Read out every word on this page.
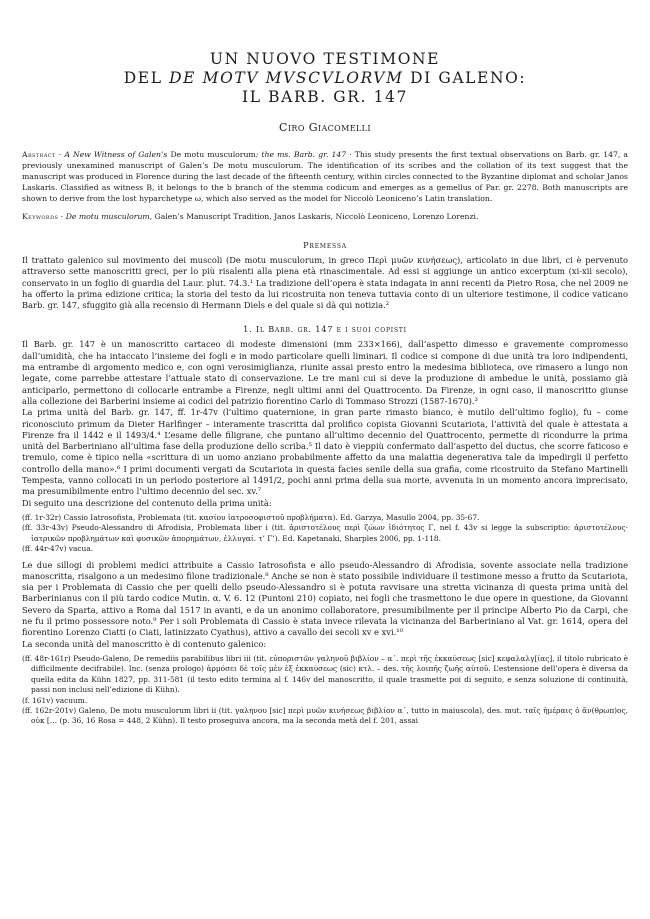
UN NUOVO TESTIMONE
DEL DE MOTV MVSCVLORVM DI GALENO:
IL BARB. GR. 147
Ciro Giacomelli
Abstract · A New Witness of Galen’s De motu musculorum: the ms. Barb. gr. 147 · This study presents the first textual observations on Barb. gr. 147, a previously unexamined manuscript of Galen’s De motu musculorum. The identification of its scribes and the collation of its text suggest that the manuscript was produced in Florence during the last decade of the fifteenth century, within circles connected to the Byzantine diplomat and scholar Janos Laskaris. Classified as witness B, it belongs to the b branch of the stemma codicum and emerges as a gemellus of Par. gr. 2278. Both manuscripts are shown to derive from the lost hyparchetype ω, which also served as the model for Niccolò Leoniceno’s Latin translation.
Keywords · De motu musculorum, Galen’s Manuscript Tradition, Janos Laskaris, Niccolò Leoniceno, Lorenzo Lorenzi.
Premessa

Il trattato galenico sul movimento dei muscoli (De motu musculorum, in greco Περὶ μυῶν κινήσεως), articolato in due libri, ci è pervenuto attraverso sette manoscritti greci, per lo più risalenti alla piena età rinascimentale. Ad essi si aggiunge un antico excerptum (xi-xii secolo), conservato in un foglio di guardia del Laur. plut. 74.3.¹ La tradizione dell’opera è stata indagata in anni recenti da Pietro Rosa, che nel 2009 ne ha offerto la prima edizione critica; la storia del testo da lui ricostruita non teneva tuttavia conto di un ulteriore testimone, il codice vaticano Barb. gr. 147, sfuggito già alla recensio di Hermann Diels e del quale si dà qui notizia.²

1. Il Barb. gr. 147 e i suoi copisti

Il Barb. gr. 147 è un manoscritto cartaceo di modeste dimensioni (mm 233×166), dall’aspetto dimesso e gravemente compromesso dall’umidità, che ha intaccato l’insieme dei fogli e in modo particolare quelli liminari. Il codice si compone di due unità tra loro indipendenti, ma entrambe di argomento medico e, con ogni verosimiglianza, riunite assai presto entro la medesima biblioteca, ove rimasero a lungo non legate, come parrebbe attestare l’attuale stato di conservazione. Le tre mani cui si deve la produzione di ambedue le unità, possiamo già anticiparlo, permettono di collocarle entrambe a Firenze, negli ultimi anni del Quattrocento. Da Firenze, in ogni caso, il manoscritto giunse alla collezione dei Barberini insieme ai codici del patrizio fiorentino Carlo di Tommaso Strozzi (1587-1670).³

La prima unità del Barb. gr. 147, ff. 1r-47v (l’ultimo quaternione, in gran parte rimasto bianco, è mutilo dell’ultimo foglio), fu – come riconosciuto primum da Dieter Harlfinger – interamente trascritta dal prolifico copista Giovanni Scutariota, l’attività del quale è attestata a Firenze fra il 1442 e il 1493/4.⁴ L’esame delle filigrane, che puntano all’ultimo decennio del Quattrocento, permette di ricondurre la prima unità del Barberiniano all’ultima fase della produzione dello scriba.⁵ Il dato è vieppiù confermato dall’aspetto del ductus, che scorre faticoso e tremulo, come è tipico nella «scrittura di un uomo anziano probabilmente affetto da una malattia degenerativa tale da impedirgli il perfetto controllo della mano».⁶ I primi documenti vergati da Scutariota in questa facies senile della sua grafia, come ricostruito da Stefano Martinelli Tempesta, vanno collocati in un periodo posteriore al 1491/2, pochi anni prima della sua morte, avvenuta in un momento ancora imprecisato, ma presumibilmente entro l’ultimo decennio del sec. xv.⁷

Di seguito una descrizione del contenuto della prima unità:

(ff. 1r-32r) Cassio Iatrosofista, Problemata (tit. κασίου ἰατροσοφιστοῦ προβλήματα). Ed. Garzya, Masullo 2004, pp. 35-67.
(ff. 33r-43v) Pseudo-Alessandro di Afrodisia, Problemata liber i (tit. ἀριστοτέλους περὶ ζώων ἰδιότητος Γ, nel f. 43v si legge la subscriptio: ἀριστοτέλους· ἰατρικῶν προβλημάτων καὶ φυσικῶν ἀπορημάτων, ἐλλυγαί. τ’ Γ’). Ed. Kapetanaki, Sharples 2006, pp. 1-118.
(ff. 44r-47v) vacua.

Le due sillogi di problemi medici attribuite a Cassio Iatrosofista e allo pseudo-Alessandro di Afrodisia, sovente associate nella tradizione manoscritta, risalgono a un medesimo filone tradizionale.⁸ Anche se non è stato possibile individuare il testimone messo a frutto da Scutariota, sia per i Problemata di Cassio che per quelli dello pseudo-Alessandro si è potuta ravvisare una stretta vicinanza di questa prima unità del Barberinianus con il più tardo codice Mutin. α. V. 6. 12 (Puntoni 210) copiato, nei fogli che trasmettono le due opere in questione, da Giovanni Severo da Sparta, attivo a Roma dal 1517 in avanti, e da un anonimo collaboratore, presumibilmente per il principe Alberto Pio da Carpi, che ne fu il primo possessore noto.⁹ Per i soli Problemata di Cassio è stata invece rilevata la vicinanza del Barberiniano al Vat. gr. 1614, opera del fiorentino Lorenzo Ciatti (o Ciati, latinizzato Cyathus), attivo a cavallo dei secoli xv e xvi.¹⁰

La seconda unità del manoscritto è di contenuto galenico:

(ff. 48r-161r) Pseudo-Galeno, De remediis parabilibus libri iii (tit. εὐποριστῶν γαληνοῦ βιβλίον – α΄. περὶ τῆς ἐκκαύσεως [sic] κεφαλαλγ[ίας], il titolo rubricato è difficilmente decifrabile). Inc. (senza prologo) ἁρμόσει δὲ τοῖς μὲν ἐξ ἐκκαύσεως (sic) κτλ. – des. τῆς λοιπῆς ζωῆς αὐτοῦ. L’estensione dell’opera è diversa da quella edita da Kühn 1827, pp. 311-581 (il testo edito termina al f. 146v del manoscritto, il quale trasmette poi di seguito, e senza soluzione di continuità, passi non inclusi nell’edizione di Kühn).
(f. 161v) vacuum.
(ff. 162r-201v) Galeno, De motu musculorum libri ii (tit. γαληνου [sic] περὶ μυῶν κινήσεως βιβλίον α΄, tutto in maiuscola), des. mut. ταῖς ἡμέραις ὁ ἄν(θρωπ)ος, οὐκ [… (p. 36, 16 Rosa = 448, 2 Kühn). Il testo proseguiva ancora, ma la seconda metà del f. 201, assai
